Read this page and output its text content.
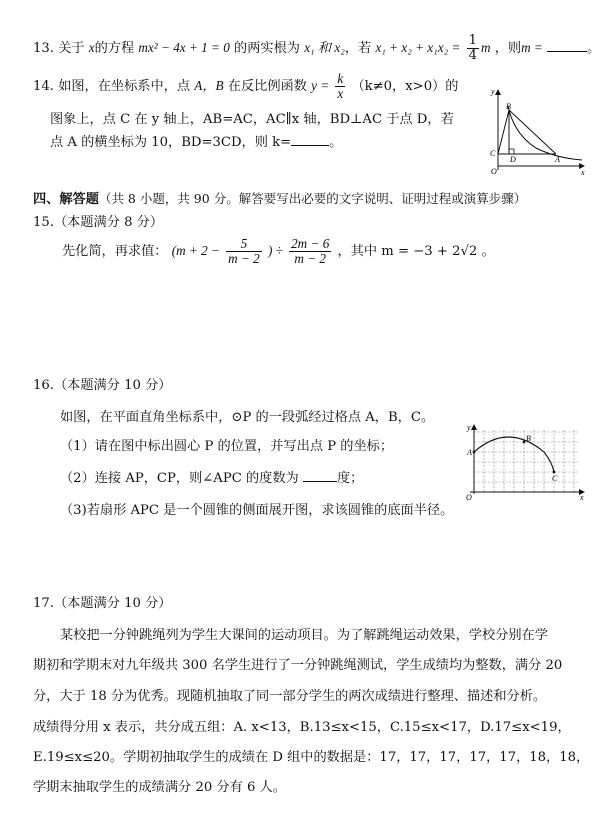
13. 关于 x的方程 mx² − 4x + 1 = 0 的两实根为 x₁ 和 x₂，若 $x_1 + x_2 + x_1x_2 = \frac{1}{4}$ m ，则m =	。
14. 如图，在坐标系中，点 A，B 在反比例函数 $y = \frac{k}{x} (k\ne 0$，x>0）的
图象上，点 C 在 y 轴上，AB=AC，AC∥x 轴，BD⊥AC 于点 D，若
点 A 的横坐标为 10，BD=3CD，则 k=	。
y
B
C
D	A
O	x
四、解答题（共 8 小题，共 90 分。解答要写出必要的文字说明、证明过程或演算步骤）
15.（本题满分 8 分）
先化简，再求值： ($m + 2 - \frac{5}{m - 2}$ ) ÷ $\frac{2m - 6}{m - 2}$ ，其中 m = −3 + 2√2 。
16.（本题满分 10 分）
如图，在平面直角坐标系中，⊙P 的一段弧经过格点 A，B，C。
（1）请在图中标出圆心 P 的位置，并写出点 P 的坐标；
（2）连接 AP，CP，则∠APC 的度数为	度；
（3)若扇形 APC 是一个圆锥的侧面展开图，求该圆锥的底面半径。
y
A
B
C
O	x
17.（本题满分 10 分）
某校把一分钟跳绳列为学生大课间的运动项目。为了解跳绳运动效果，学校分别在学
期初和学期末对九年级共 300 名学生进行了一分钟跳绳测试，学生成绩均为整数，满分 20
分，大于 18 分为优秀。现随机抽取了同一部分学生的两次成绩进行整理、描述和分析。
成绩得分用 x 表示，共分成五组：A. x<13，B.13≤x<15，C.15≤x<17，D.17≤x<19，
E.19≤x≤20。学期初抽取学生的成绩在 D 组中的数据是：17，17，17，17，17，18，18，
学期末抽取学生的成绩满分 20 分有 6 人。
